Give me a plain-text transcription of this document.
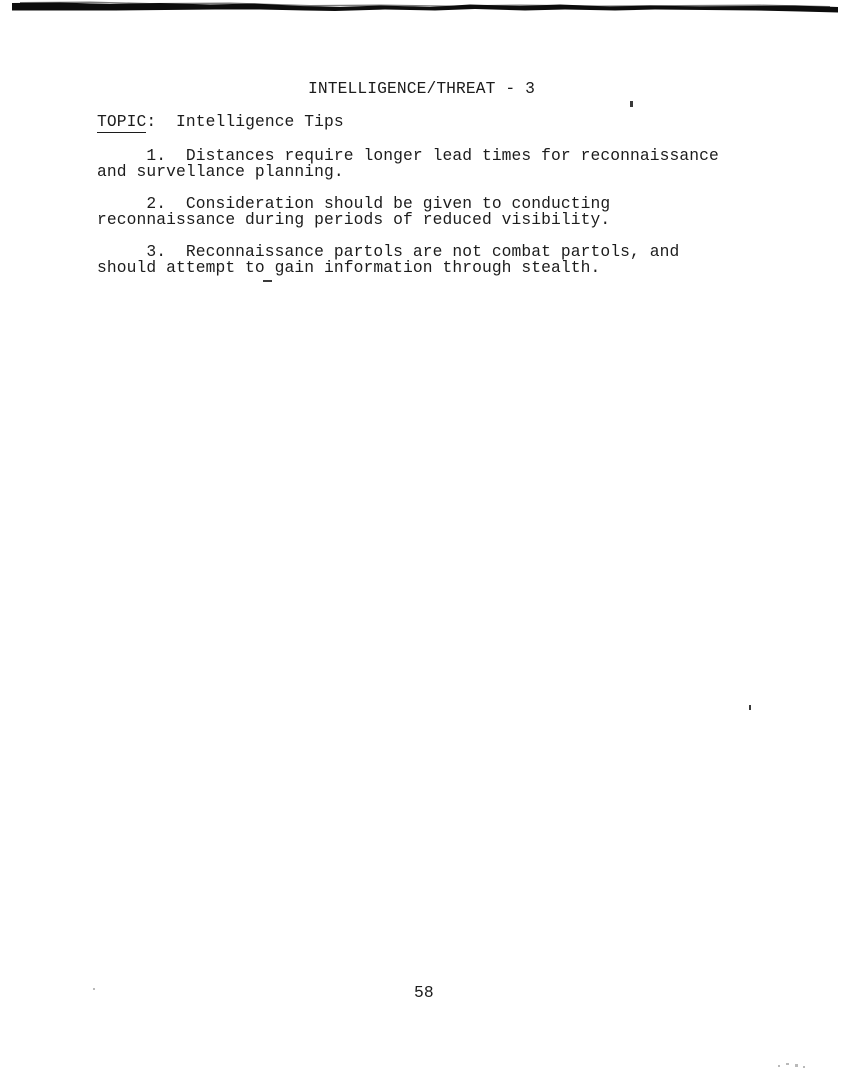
INTELLIGENCE/THREAT - 3
TOPIC:  Intelligence Tips
1.  Distances require longer lead times for reconnaissance
and survellance planning.
2.  Consideration should be given to conducting
reconnaissance during periods of reduced visibility.
3.  Reconnaissance partols are not combat partols, and
should attempt to gain information through stealth.
58
